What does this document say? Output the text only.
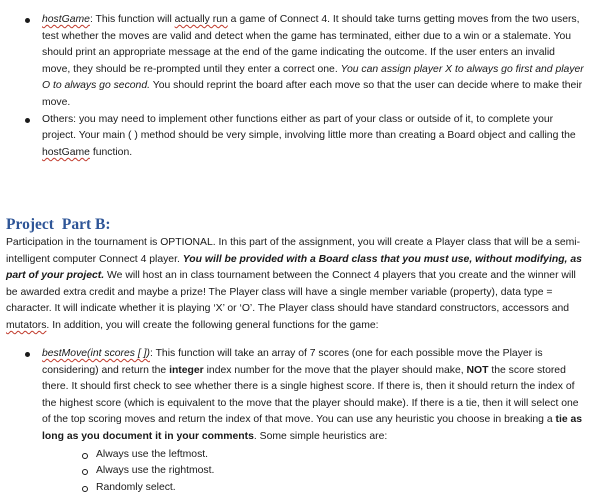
hostGame: This function will actually run a game of Connect 4. It should take turns getting moves from the two users, test whether the moves are valid and detect when the game has terminated, either due to a win or a stalemate. You should print an appropriate message at the end of the game indicating the outcome. If the user enters an invalid move, they should be re-prompted until they enter a correct one. You can assign player X to always go first and player O to always go second. You should reprint the board after each move so that the user can decide where to make their move.
Others: you may need to implement other functions either as part of your class or outside of it, to complete your project. Your main ( ) method should be very simple, involving little more than creating a Board object and calling the hostGame function.
Project Part B:
Participation in the tournament is OPTIONAL. In this part of the assignment, you will create a Player class that will be a semi-intelligent computer Connect 4 player. You will be provided with a Board class that you must use, without modifying, as part of your project. We will host an in class tournament between the Connect 4 players that you create and the winner will be awarded extra credit and maybe a prize! The Player class will have a single member variable (property), data type = character. It will indicate whether it is playing ‘X’ or ‘O’. The Player class should have standard constructors, accessors and mutators. In addition, you will create the following general functions for the game:
bestMove(int scores [ ]): This function will take an array of 7 scores (one for each possible move the Player is considering) and return the integer index number for the move that the player should make, NOT the score stored there. It should first check to see whether there is a single highest score. If there is, then it should return the index of the highest score (which is equivalent to the move that the player should make). If there is a tie, then it will select one of the top scoring moves and return the index of that move. You can use any heuristic you choose in breaking a tie as long as you document it in your comments. Some simple heuristics are:
Always use the leftmost.
Always use the rightmost.
Randomly select.
